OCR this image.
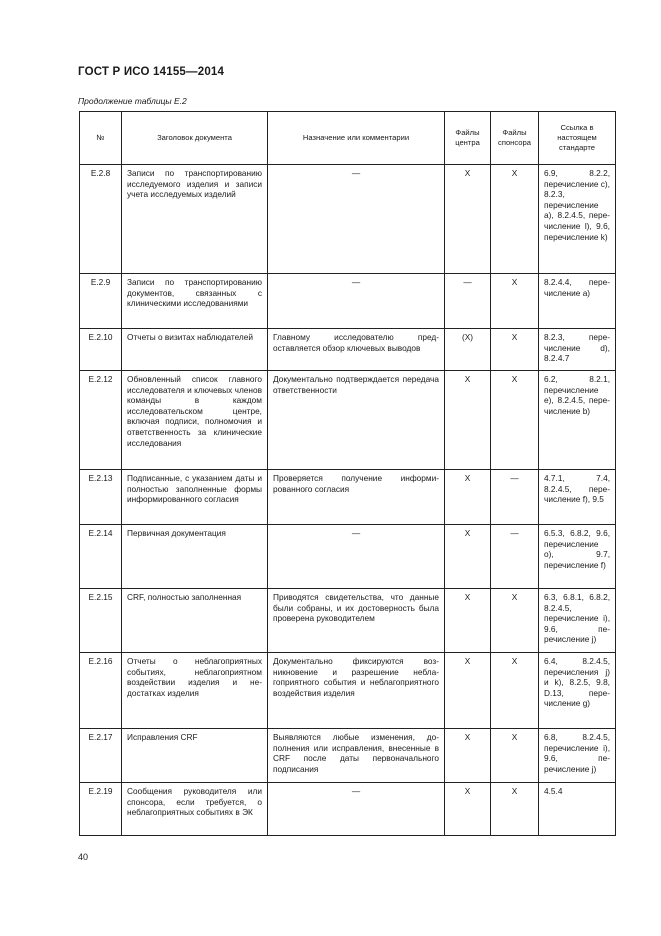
ГОСТ Р ИСО 14155—2014
Продолжение таблицы Е.2
№	Заголовок документа	Назначение или комментарии	Файлы центра	Файлы спонсора	Ссылка в настоящем стандарте
Е.2.8	Записи по транспортированию исследуемого изделия и записи учета исследуемых изделий	—	X	X	6.9, 8.2.2, перечисление с), 8.2.3, перечисление а), 8.2.4.5, перечисление l), 9.6, перечисление k)
Е.2.9	Записи по транспортированию документов, связанных с клиническими исследованиями	—	—	X	8.2.4.4, перечисление а)
Е.2.10	Отчеты о визитах наблюдателей	Главному исследователю предоставляется обзор ключевых выводов	(X)	X	8.2.3, перечисление d), 8.2.4.7
Е.2.12	Обновленный список главного исследователя и ключевых членов команды в каждом исследовательском центре, включая подписи, полномочия и ответственность за клинические исследования	Документально подтверждается передача ответственности	X	X	6.2, 8.2.1, перечисление е), 8.2.4.5, перечисление b)
Е.2.13	Подписанные, с указанием даты и полностью заполненные формы информированного согласия	Проверяется получение информированного согласия	X	—	4.7.1, 7.4, 8.2.4.5, перечисление f), 9.5
Е.2.14	Первичная документация	—	X	—	6.5.3, 6.8.2, 9.6, перечисление о), 9.7, перечисление f)
Е.2.15	CRF, полностью заполненная	Приводятся свидетельства, что данные были собраны, и их достоверность была проверена руководителем	X	X	6.3, 6.8.1, 6.8.2, 8.2.4.5, перечисление i), 9.6, перечисление j)
Е.2.16	Отчеты о неблагоприятных событиях, неблагоприятном воздействии изделия и недостатках изделия	Документально фиксируются возникновение и разрешение неблагоприятного события и неблагоприятного воздействия изделия	X	X	6.4, 8.2.4.5, перечисления j) и k), 8.2.5, 9.8, D.13, перечисление g)
Е.2.17	Исправления CRF	Выявляются любые изменения, дополнения или исправления, внесенные в CRF после даты первоначального подписания	X	X	6.8, 8.2.4.5, перечисление i), 9.6, перечисление j)
Е.2.19	Сообщения руководителя или спонсора, если требуется, о неблагоприятных событиях в ЭК	—	X	X	4.5.4
40
